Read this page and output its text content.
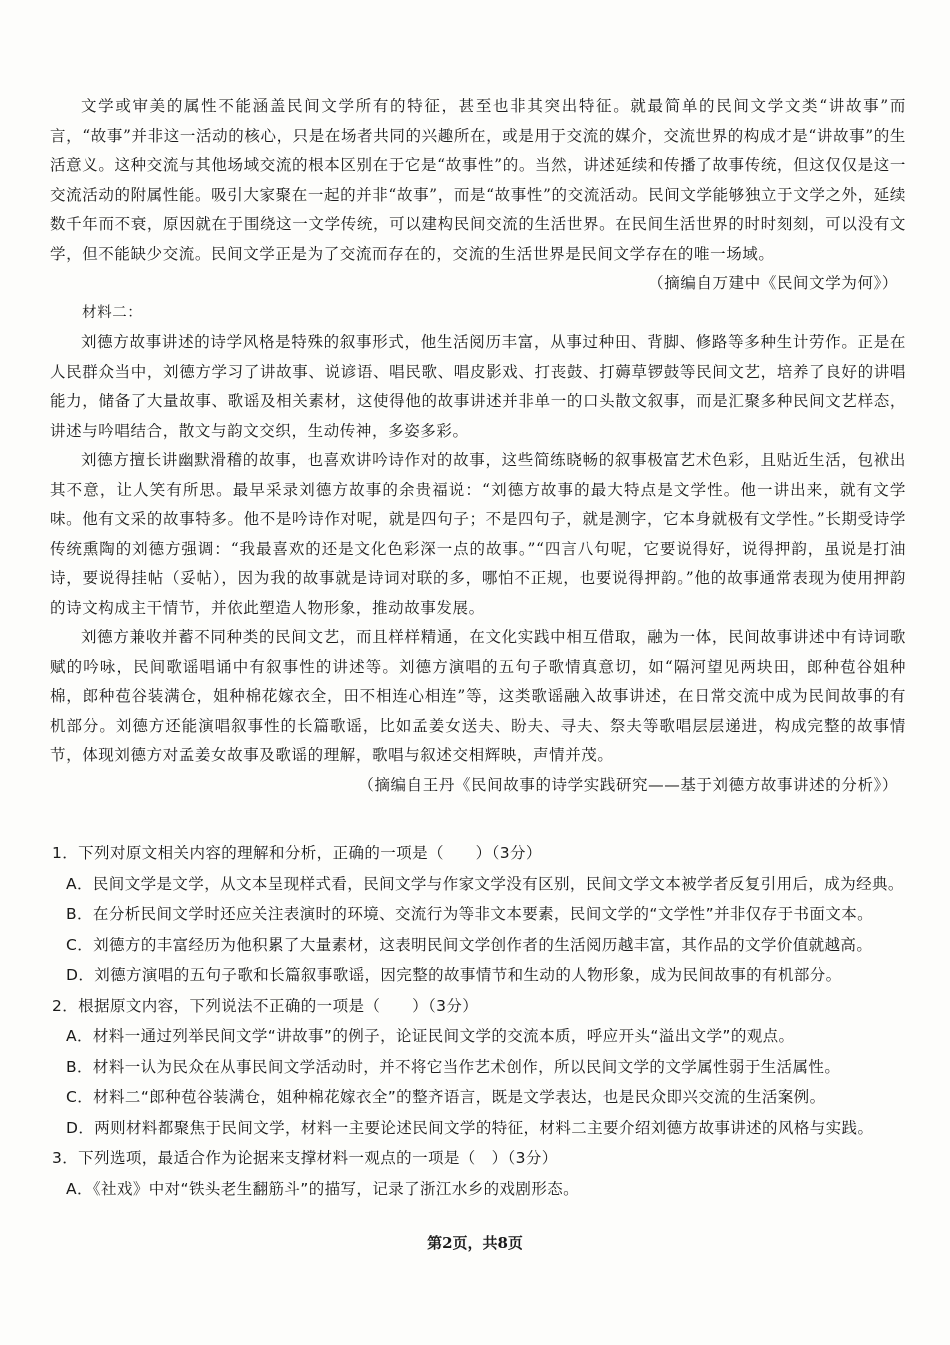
文学或审美的属性不能涵盖民间文学所有的特征，甚至也非其突出特征。就最简单的民间文学文类“讲故事”而言，“故事”并非这一活动的核心，只是在场者共同的兴趣所在，或是用于交流的媒介，交流世界的构成才是“讲故事”的生活意义。这种交流与其他场域交流的根本区别在于它是“故事性”的。当然，讲述延续和传播了故事传统，但这仅仅是这一交流活动的附属性能。吸引大家聚在一起的并非“故事”，而是“故事性”的交流活动。民间文学能够独立于文学之外，延续数千年而不衰，原因就在于围绕这一文学传统，可以建构民间交流的生活世界。在民间生活世界的时时刻刻，可以没有文学，但不能缺少交流。民间文学正是为了交流而存在的，交流的生活世界是民间文学存在的唯一场域。

（摘编自万建中《民间文学为何》）

材料二：

刘德方故事讲述的诗学风格是特殊的叙事形式，他生活阅历丰富，从事过种田、背脚、修路等多种生计劳作。正是在人民群众当中，刘德方学习了讲故事、说谚语、唱民歌、唱皮影戏、打丧鼓、打薅草锣鼓等民间文艺，培养了良好的讲唱能力，储备了大量故事、歌谣及相关素材，这使得他的故事讲述并非单一的口头散文叙事，而是汇聚多种民间文艺样态，讲述与吟唱结合，散文与韵文交织，生动传神，多姿多彩。

刘德方擅长讲幽默滑稽的故事，也喜欢讲吟诗作对的故事，这些简练晓畅的叙事极富艺术色彩，且贴近生活，包袱出其不意，让人笑有所思。最早采录刘德方故事的余贵福说：“刘德方故事的最大特点是文学性。他一讲出来，就有文学味。他有文采的故事特多。他不是吟诗作对呢，就是四句子；不是四句子，就是测字，它本身就极有文学性。”长期受诗学传统熏陶的刘德方强调：“我最喜欢的还是文化色彩深一点的故事。”“四言八句呢，它要说得好，说得押韵，虽说是打油诗，要说得挂帖（妥帖），因为我的故事就是诗词对联的多，哪怕不正规，也要说得押韵。”他的故事通常表现为使用押韵的诗文构成主干情节，并依此塑造人物形象，推动故事发展。

刘德方兼收并蓄不同种类的民间文艺，而且样样精通，在文化实践中相互借取，融为一体，民间故事讲述中有诗词歌赋的吟咏，民间歌谣唱诵中有叙事性的讲述等。刘德方演唱的五句子歌情真意切，如“隔河望见两块田，郎种苞谷姐种棉，郎种苞谷装满仓，姐种棉花嫁衣全，田不相连心相连”等，这类歌谣融入故事讲述，在日常交流中成为民间故事的有机部分。刘德方还能演唱叙事性的长篇歌谣，比如孟姜女送夫、盼夫、寻夫、祭夫等歌唱层层递进，构成完整的故事情节，体现刘德方对孟姜女故事及歌谣的理解，歌唱与叙述交相辉映，声情并茂。

（摘编自王丹《民间故事的诗学实践研究——基于刘德方故事讲述的分析》）

1．下列对原文相关内容的理解和分析，正确的一项是（　　）（3分）

A．民间文学是文学，从文本呈现样式看，民间文学与作家文学没有区别，民间文学文本被学者反复引用后，成为经典。

B．在分析民间文学时还应关注表演时的环境、交流行为等非文本要素，民间文学的“文学性”并非仅存于书面文本。

C．刘德方的丰富经历为他积累了大量素材，这表明民间文学创作者的生活阅历越丰富，其作品的文学价值就越高。

D．刘德方演唱的五句子歌和长篇叙事歌谣，因完整的故事情节和生动的人物形象，成为民间故事的有机部分。

2．根据原文内容，下列说法不正确的一项是（　　）（3分）

A．材料一通过列举民间文学“讲故事”的例子，论证民间文学的交流本质，呼应开头“溢出文学”的观点。

B．材料一认为民众在从事民间文学活动时，并不将它当作艺术创作，所以民间文学的文学属性弱于生活属性。

C．材料二“郎种苞谷装满仓，姐种棉花嫁衣全”的整齐语言，既是文学表达，也是民众即兴交流的生活案例。

D．两则材料都聚焦于民间文学，材料一主要论述民间文学的特征，材料二主要介绍刘德方故事讲述的风格与实践。

3．下列选项，最适合作为论据来支撑材料一观点的一项是（　）（3分）

A．《社戏》中对“铁头老生翻筋斗”的描写，记录了浙江水乡的戏剧形态。

第2页，共8页
